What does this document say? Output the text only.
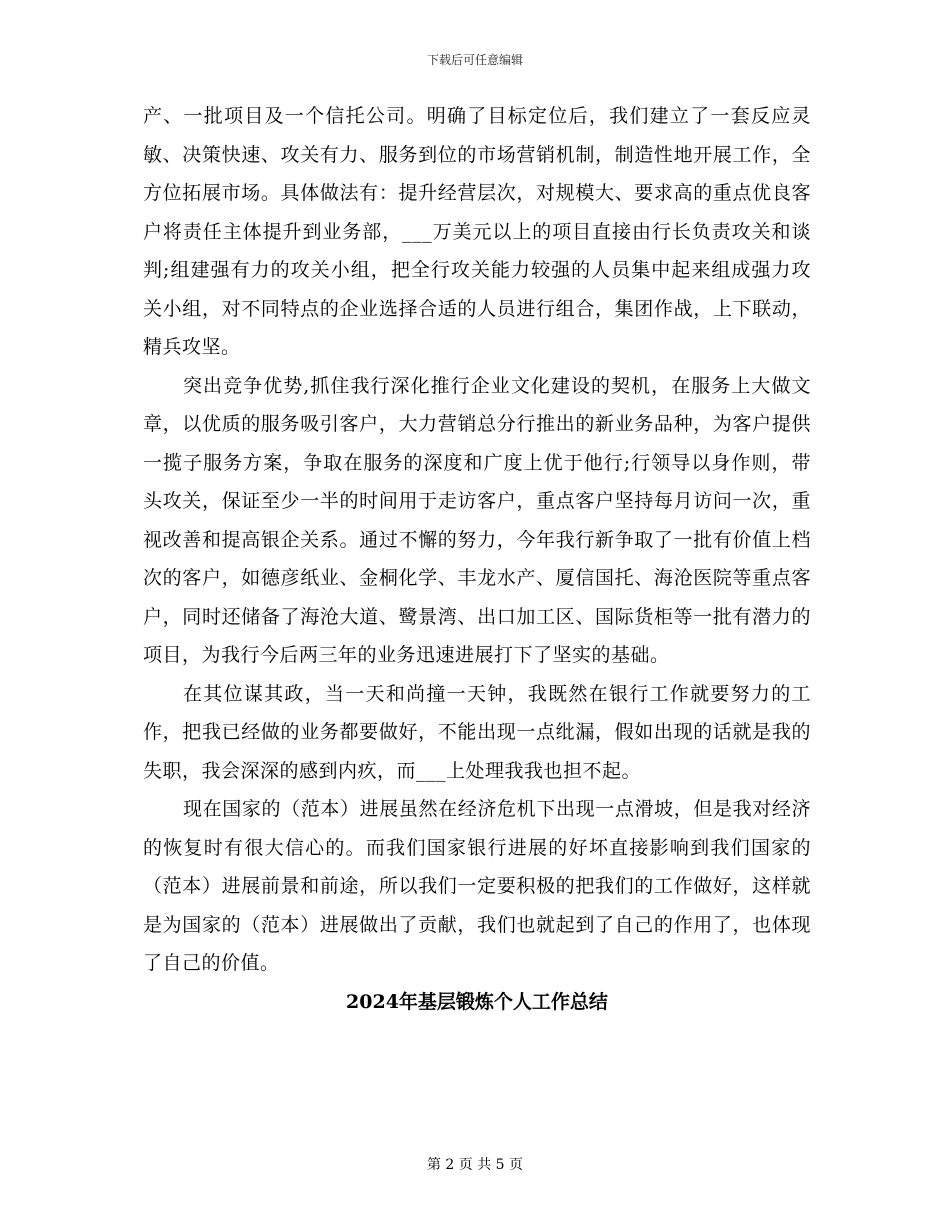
下载后可任意编辑

产、一批项目及一个信托公司。明确了目标定位后，我们建立了一套反应灵敏、决策快速、攻关有力、服务到位的市场营销机制，制造性地开展工作，全方位拓展市场。具体做法有：提升经营层次，对规模大、要求高的重点优良客户将责任主体提升到业务部，___万美元以上的项目直接由行长负责攻关和谈判;组建强有力的攻关小组，把全行攻关能力较强的人员集中起来组成强力攻关小组，对不同特点的企业选择合适的人员进行组合，集团作战，上下联动，精兵攻坚。

突出竞争优势,抓住我行深化推行企业文化建设的契机，在服务上大做文章，以优质的服务吸引客户，大力营销总分行推出的新业务品种，为客户提供一揽子服务方案，争取在服务的深度和广度上优于他行;行领导以身作则，带头攻关，保证至少一半的时间用于走访客户，重点客户坚持每月访问一次，重视改善和提高银企关系。通过不懈的努力，今年我行新争取了一批有价值上档次的客户，如德彦纸业、金桐化学、丰龙水产、厦信国托、海沧医院等重点客户，同时还储备了海沧大道、鹭景湾、出口加工区、国际货柜等一批有潜力的项目，为我行今后两三年的业务迅速进展打下了坚实的基础。

在其位谋其政，当一天和尚撞一天钟，我既然在银行工作就要努力的工作，把我已经做的业务都要做好，不能出现一点纰漏，假如出现的话就是我的失职，我会深深的感到内疚，而___上处理我我也担不起。

现在国家的（范本）进展虽然在经济危机下出现一点滑坡，但是我对经济的恢复时有很大信心的。而我们国家银行进展的好坏直接影响到我们国家的（范本）进展前景和前途，所以我们一定要积极的把我们的工作做好，这样就是为国家的（范本）进展做出了贡献，我们也就起到了自己的作用了，也体现了自己的价值。

2024年基层锻炼个人工作总结
第 2 页 共 5 页
